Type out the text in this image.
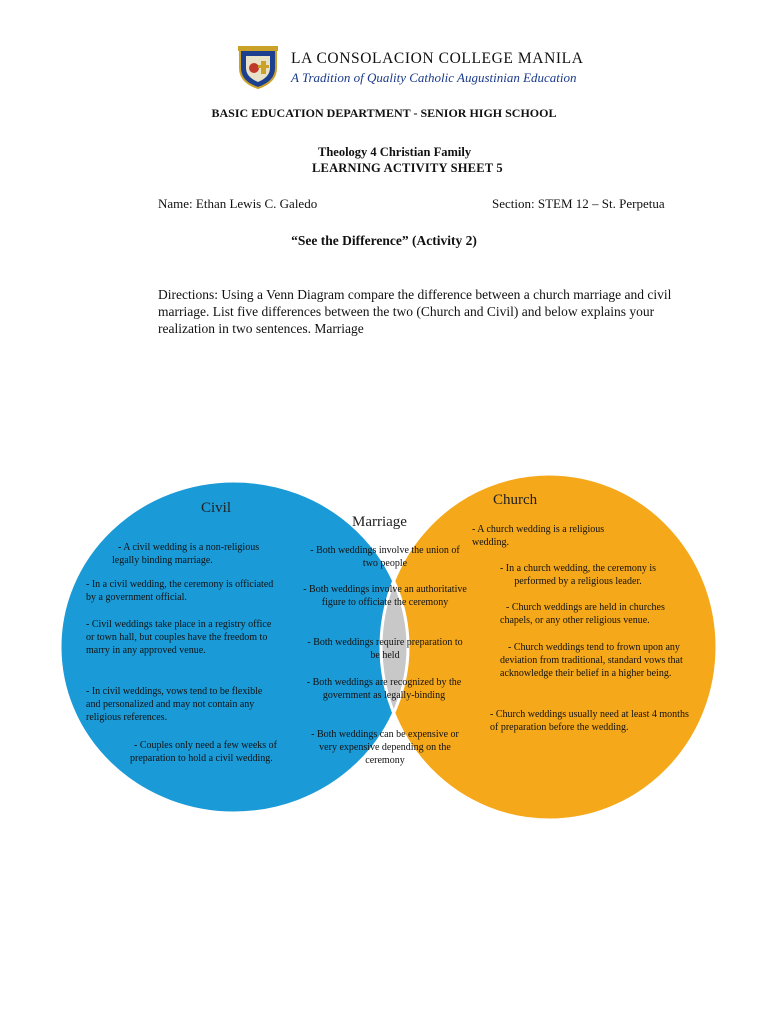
LA CONSOLACION COLLEGE MANILA
A Tradition of Quality Catholic Augustinian Education
BASIC EDUCATION DEPARTMENT - SENIOR HIGH SCHOOL
Theology 4 Christian Family
LEARNING ACTIVITY SHEET 5
Name: Ethan Lewis C. Galedo	Section: STEM 12 – St. Perpetua
“See the Difference” (Activity 2)
Directions: Using a Venn Diagram compare the difference between a church marriage and civil marriage. List five differences between the two (Church and Civil) and below explains your realization in two sentences. Marriage
Civil
Marriage
Church
- A civil wedding is a non-religious legally binding marriage.
- In a civil wedding, the ceremony is officiated by a government official.
- Civil weddings take place in a registry office or town hall, but couples have the freedom to marry in any approved venue.
- In civil weddings, vows tend to be flexible and personalized and may not contain any religious references.
- Couples only need a few weeks of preparation to hold a civil wedding.
- Both weddings involve the union of two people
- Both weddings involve an authoritative figure to officiate the ceremony
- Both weddings require preparation to be held
- Both weddings are recognized by the government as legally-binding
- Both weddings can be expensive or very expensive depending on the ceremony
- A church wedding is a religious wedding.
- In a church wedding, the ceremony is performed by a religious leader.
- Church weddings are held in churches chapels, or any other religious venue.
- Church weddings tend to frown upon any deviation from traditional, standard vows that acknowledge their belief in a higher being.
- Church weddings usually need at least 4 months of preparation before the wedding.
